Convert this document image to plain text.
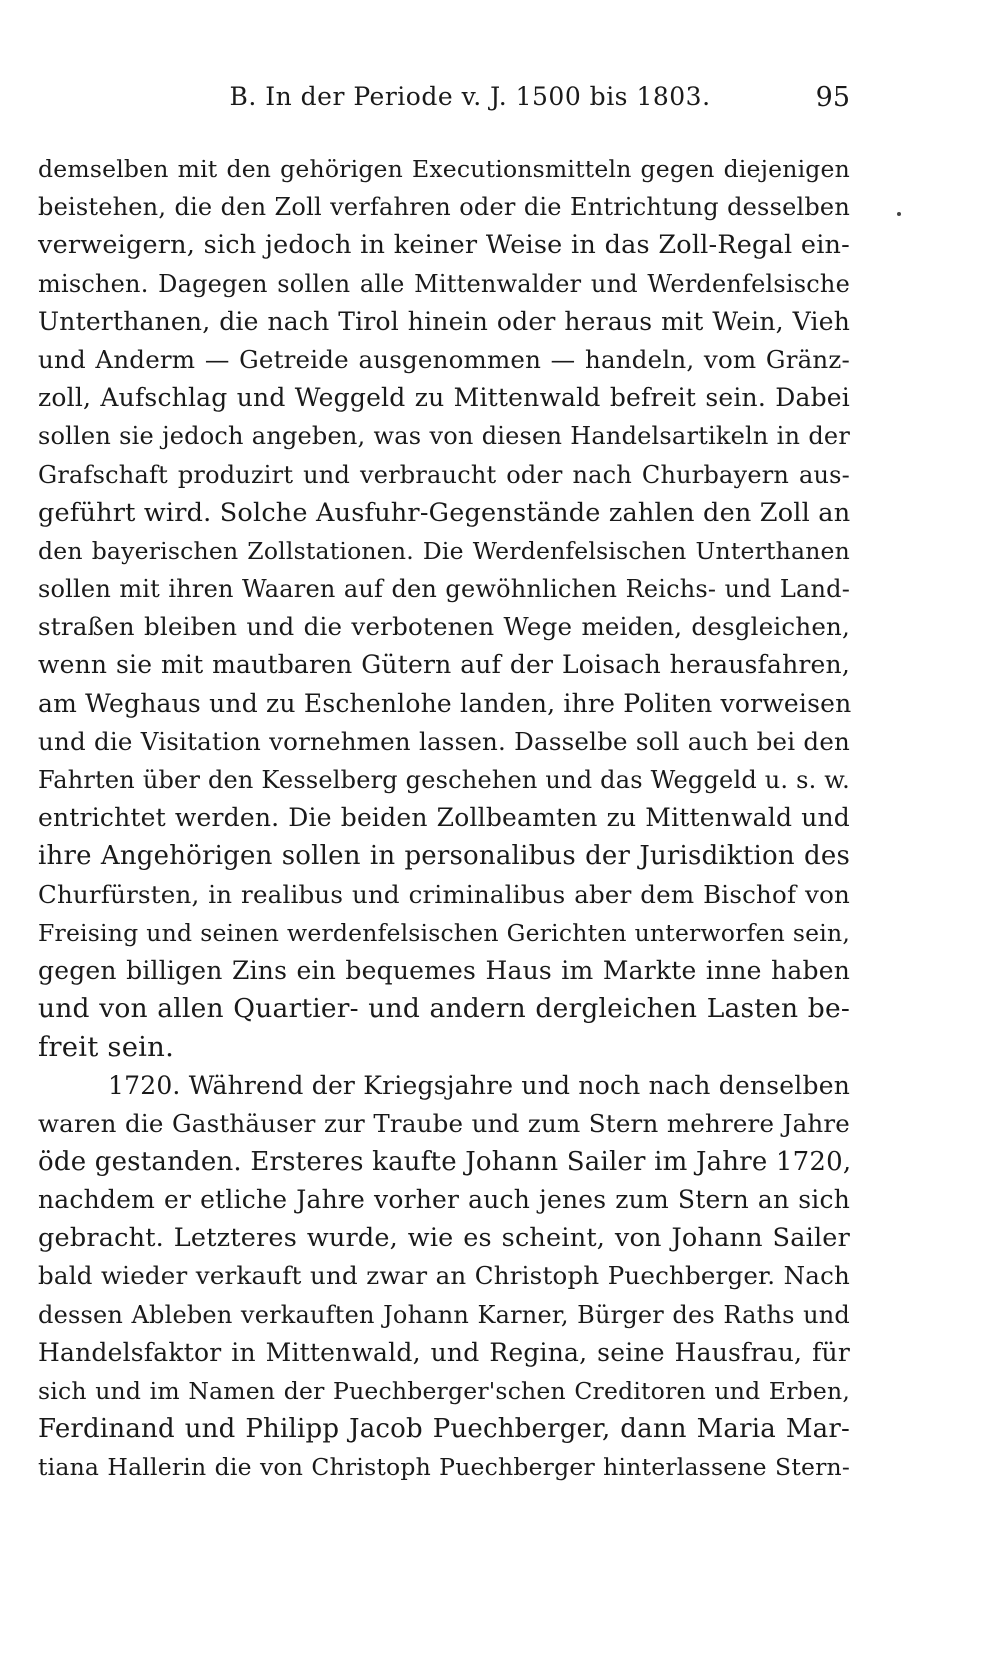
B. In der Periode v. J. 1500 bis 1803.	95
demselben mit den gehörigen Executionsmitteln gegen diejenigen
beistehen, die den Zoll verfahren oder die Entrichtung desselben
verweigern, sich jedoch in keiner Weise in das Zoll-Regal ein-
mischen. Dagegen sollen alle Mittenwalder und Werdenfelsische
Unterthanen, die nach Tirol hinein oder heraus mit Wein, Vieh
und Anderm — Getreide ausgenommen — handeln, vom Gränz-
zoll, Aufschlag und Weggeld zu Mittenwald befreit sein. Dabei
sollen sie jedoch angeben, was von diesen Handelsartikeln in der
Grafschaft produzirt und verbraucht oder nach Churbayern aus-
geführt wird. Solche Ausfuhr-Gegenstände zahlen den Zoll an
den bayerischen Zollstationen. Die Werdenfelsischen Unterthanen
sollen mit ihren Waaren auf den gewöhnlichen Reichs- und Land-
straßen bleiben und die verbotenen Wege meiden, desgleichen,
wenn sie mit mautbaren Gütern auf der Loisach herausfahren,
am Weghaus und zu Eschenlohe landen, ihre Politen vorweisen
und die Visitation vornehmen lassen. Dasselbe soll auch bei den
Fahrten über den Kesselberg geschehen und das Weggeld u. s. w.
entrichtet werden. Die beiden Zollbeamten zu Mittenwald und
ihre Angehörigen sollen in personalibus der Jurisdiktion des
Churfürsten, in realibus und criminalibus aber dem Bischof von
Freising und seinen werdenfelsischen Gerichten unterworfen sein,
gegen billigen Zins ein bequemes Haus im Markte inne haben
und von allen Quartier- und andern dergleichen Lasten be-
freit sein.
1720. Während der Kriegsjahre und noch nach denselben
waren die Gasthäuser zur Traube und zum Stern mehrere Jahre
öde gestanden. Ersteres kaufte Johann Sailer im Jahre 1720,
nachdem er etliche Jahre vorher auch jenes zum Stern an sich
gebracht. Letzteres wurde, wie es scheint, von Johann Sailer
bald wieder verkauft und zwar an Christoph Puechberger. Nach
dessen Ableben verkauften Johann Karner, Bürger des Raths und
Handelsfaktor in Mittenwald, und Regina, seine Hausfrau, für
sich und im Namen der Puechberger'schen Creditoren und Erben,
Ferdinand und Philipp Jacob Puechberger, dann Maria Mar-
tiana Hallerin die von Christoph Puechberger hinterlassene Stern-
